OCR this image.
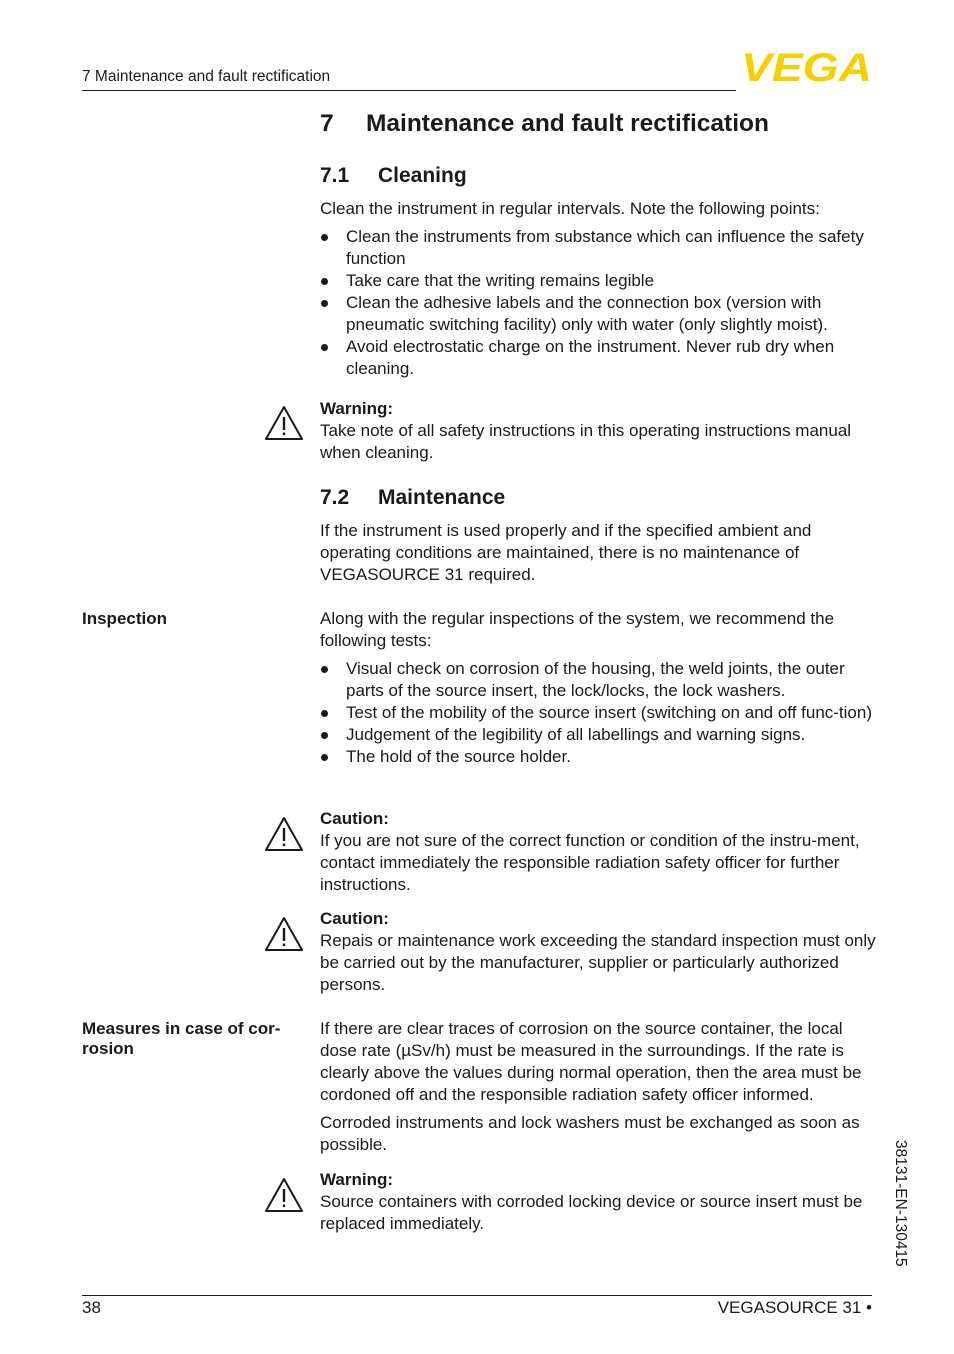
7 Maintenance and fault rectification	VEGA
7 Maintenance and fault rectification
7.1 Cleaning

Clean the instrument in regular intervals. Note the following points:

Clean the instruments from substance which can influence the safety function
Take care that the writing remains legible
Clean the adhesive labels and the connection box (version with pneumatic switching facility) only with water (only slightly moist).
Avoid electrostatic charge on the instrument. Never rub dry when cleaning.

Warning:

Take note of all safety instructions in this operating instructions manual when cleaning.

7.2 Maintenance
If the instrument is used properly and if the specified ambient and operating conditions are maintained, there is no maintenance of VEGASOURCE 31 required.
Inspection	Along with the regular inspections of the system, we recommend the following tests:

Visual check on corrosion of the housing, the weld joints, the outer parts of the source insert, the lock/locks, the lock washers.
Test of the mobility of the source insert (switching on and off func-tion)
Judgement of the legibility of all labellings and warning signs.
The hold of the source holder.

Caution:

If you are not sure of the correct function or condition of the instru-ment, contact immediately the responsible radiation safety officer for further instructions.

Caution:

Repais or maintenance work exceeding the standard inspection must only be carried out by the manufacturer, supplier or particularly authorized persons.

Measures in case of cor-rosion

If there are clear traces of corrosion on the source container, the local dose rate (µSv/h) must be measured in the surroundings. If the rate is clearly above the values during normal operation, then the area must be cordoned off and the responsible radiation safety officer informed.

Corroded instruments and lock washers must be exchanged as soon as possible.

Warning:

Source containers with corroded locking device or source insert must be replaced immediately.	38131-EN-130415
38	VEGASOURCE 31 •
